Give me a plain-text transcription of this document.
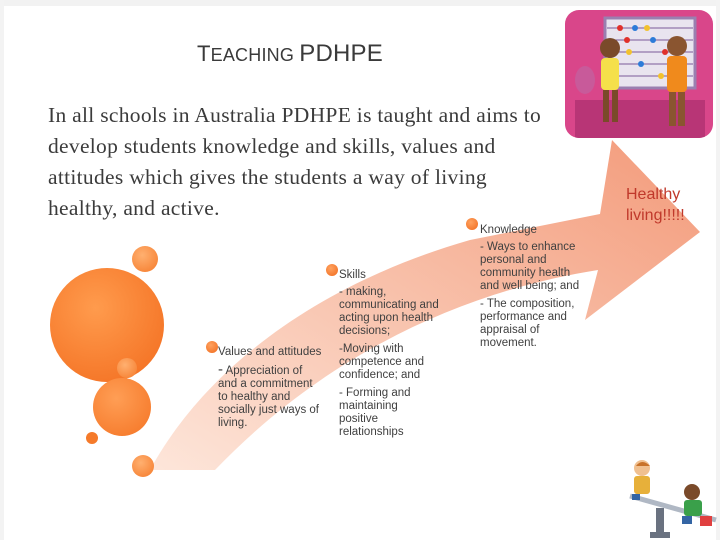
TEACHING PDHPE
In all schools in Australia PDHPE is taught and aims to develop students knowledge and skills, values and attitudes which gives the students a way of living healthy, and active.
Values and attitudes

- Appreciation of and a commitment to healthy and socially just ways of living.

Skills

- making, communicating and acting upon health decisions;

-Moving with competence and confidence; and

- Forming and maintaining positive relationships

Knowledge

- Ways to enhance personal and community health and well being; and

- The composition, performance and appraisal of movement.

Healthy living!!!!!
